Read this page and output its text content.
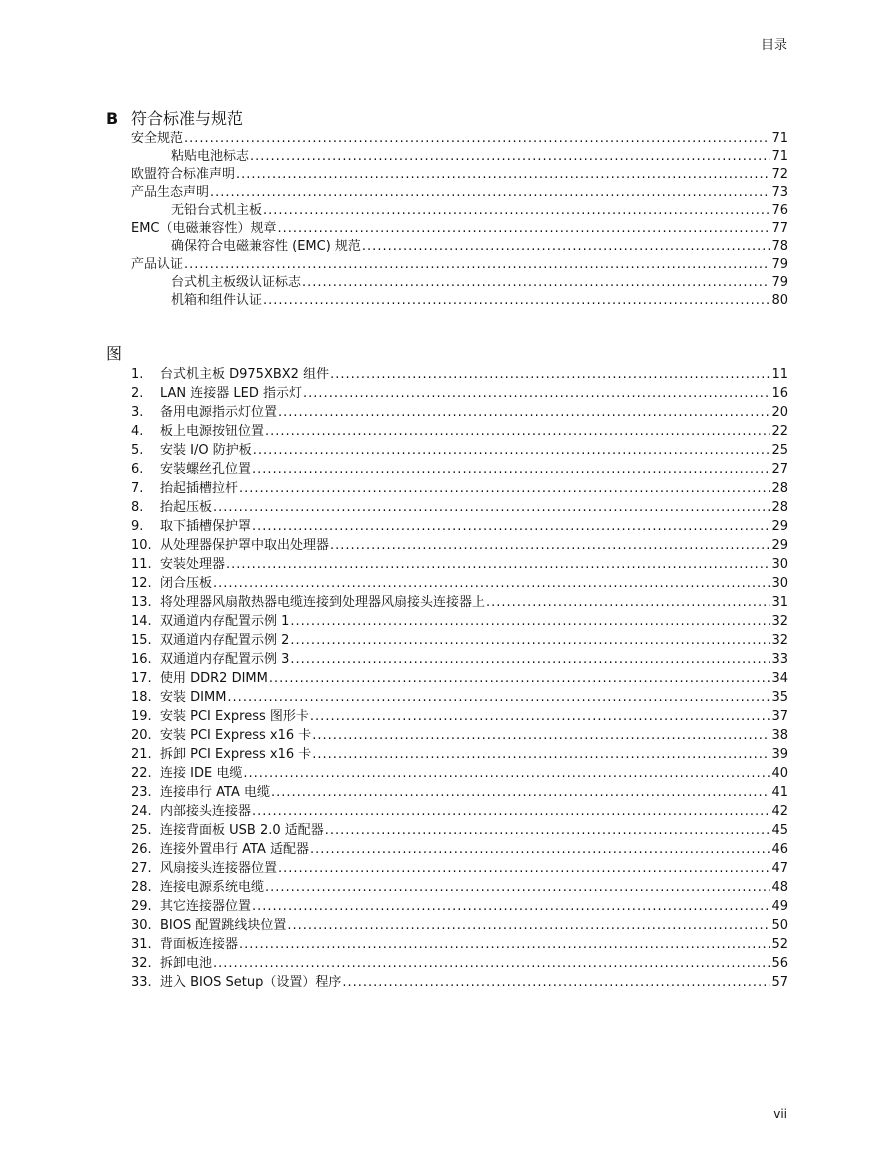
目录
B 符合标准与规范
安全规范 .....	71
粘贴电池标志 .....	71
欧盟符合标准声明 .....	72
产品生态声明 .....	73
无铅台式机主板 .....	76
EMC（电磁兼容性）规章 .....	77
确保符合电磁兼容性 (EMC) 规范 .....	78
产品认证 .....	79
台式机主板级认证标志 .....	79
机箱和组件认证 .....	80
图
1.	台式机主板 D975XBX2 组件 .....	11
2.	LAN 连接器 LED 指示灯 .....	16
3.	备用电源指示灯位置 .....	20
4.	板上电源按钮位置 .....	22
5.	安装 I/O 防护板 .....	25
6.	安装螺丝孔位置 .....	27
7.	抬起插槽拉杆 .....	28
8.	抬起压板 .....	28
9.	取下插槽保护罩 .....	29
10. 从处理器保护罩中取出处理器 .....	29
11. 安装处理器 .....	30
12. 闭合压板 .....	30
13. 将处理器风扇散热器电缆连接到处理器风扇接头连接器上 .....	31
14. 双通道内存配置示例 1 .....	32
15. 双通道内存配置示例 2 .....	32
16. 双通道内存配置示例 3 .....	33
17. 使用 DDR2 DIMM .....	34
18. 安装 DIMM .....	35
19. 安装 PCI Express 图形卡 .....	37
20. 安装 PCI Express x16 卡 .....	38
21. 拆卸 PCI Express x16 卡 .....	39
22. 连接 IDE 电缆 .....	40
23. 连接串行 ATA 电缆 .....	41
24. 内部接头连接器 .....	42
25. 连接背面板 USB 2.0 适配器 .....	45
26. 连接外置串行 ATA 适配器 .....	46
27. 风扇接头连接器位置 .....	47
28. 连接电源系统电缆 .....	48
29. 其它连接器位置 .....	49
30. BIOS 配置跳线块位置 .....	50
31. 背面板连接器 .....	52
32. 拆卸电池 .....	56
33. 进入 BIOS Setup（设置）程序 .....	57
vii
